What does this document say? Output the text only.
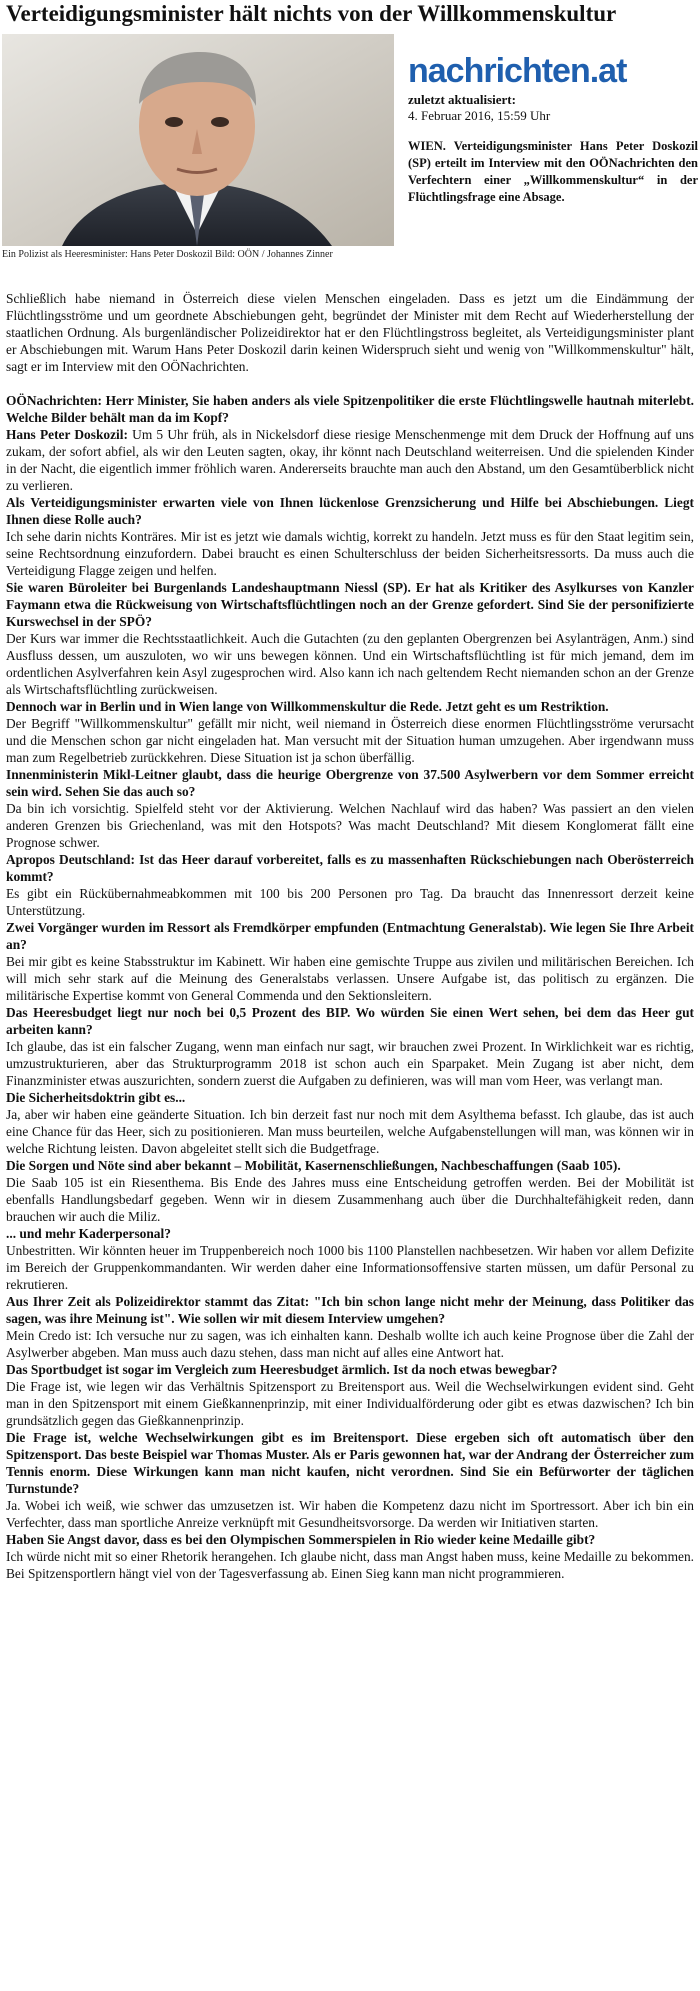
Verteidigungsminister hält nichts von der Willkommenskultur
Ein Polizist als Heeresminister: Hans Peter Doskozil Bild: OÖN / Johannes Zinner
nachrichten.at
zuletzt aktualisiert:
4. Februar 2016, 15:59 Uhr
WIEN. Verteidigungsminister Hans Peter Doskozil (SP) erteilt im Interview mit den OÖNachrichten den Verfechtern einer „Willkommenskultur“ in der Flüchtlingsfrage eine Absage.

Schließlich habe niemand in Österreich diese vielen Menschen eingeladen. Dass es jetzt um die Eindämmung der Flüchtlingsströme und um geordnete Abschiebungen geht, begründet der Minister mit dem Recht auf Wiederherstellung der staatlichen Ordnung. Als burgenländischer Polizeidirektor hat er den Flüchtlingstross begleitet, als Verteidigungsminister plant er Abschiebungen mit. Warum Hans Peter Doskozil darin keinen Widerspruch sieht und wenig von "Willkommenskultur" hält, sagt er im Interview mit den OÖNachrichten.

OÖNachrichten: Herr Minister, Sie haben anders als viele Spitzenpolitiker die erste Flüchtlingswelle hautnah miterlebt. Welche Bilder behält man da im Kopf?

Hans Peter Doskozil: Um 5 Uhr früh, als in Nickelsdorf diese riesige Menschenmenge mit dem Druck der Hoffnung auf uns zukam, der sofort abfiel, als wir den Leuten sagten, okay, ihr könnt nach Deutschland weiterreisen. Und die spielenden Kinder in der Nacht, die eigentlich immer fröhlich waren. Andererseits brauchte man auch den Abstand, um den Gesamtüberblick nicht zu verlieren.

Als Verteidigungsminister erwarten viele von Ihnen lückenlose Grenzsicherung und Hilfe bei Abschiebungen. Liegt Ihnen diese Rolle auch?

Ich sehe darin nichts Konträres. Mir ist es jetzt wie damals wichtig, korrekt zu handeln. Jetzt muss es für den Staat legitim sein, seine Rechtsordnung einzufordern. Dabei braucht es einen Schulterschluss der beiden Sicherheitsressorts. Da muss auch die Verteidigung Flagge zeigen und helfen.

Sie waren Büroleiter bei Burgenlands Landeshauptmann Niessl (SP). Er hat als Kritiker des Asylkurses von Kanzler Faymann etwa die Rückweisung von Wirtschaftsflüchtlingen noch an der Grenze gefordert. Sind Sie der personifizierte Kurswechsel in der SPÖ?

Der Kurs war immer die Rechtsstaatlichkeit. Auch die Gutachten (zu den geplanten Obergrenzen bei Asylanträgen, Anm.) sind Ausfluss dessen, um auszuloten, wo wir uns bewegen können. Und ein Wirtschaftsflüchtling ist für mich jemand, dem im ordentlichen Asylverfahren kein Asyl zugesprochen wird. Also kann ich nach geltendem Recht niemanden schon an der Grenze als Wirtschaftsflüchtling zurückweisen.

Dennoch war in Berlin und in Wien lange von Willkommenskultur die Rede. Jetzt geht es um Restriktion.

Der Begriff "Willkommenskultur" gefällt mir nicht, weil niemand in Österreich diese enormen Flüchtlingsströme verursacht und die Menschen schon gar nicht eingeladen hat. Man versucht mit der Situation human umzugehen. Aber irgendwann muss man zum Regelbetrieb zurückkehren. Diese Situation ist ja schon überfällig.

Innenministerin Mikl-Leitner glaubt, dass die heurige Obergrenze von 37.500 Asylwerbern vor dem Sommer erreicht sein wird. Sehen Sie das auch so?

Da bin ich vorsichtig. Spielfeld steht vor der Aktivierung. Welchen Nachlauf wird das haben? Was passiert an den vielen anderen Grenzen bis Griechenland, was mit den Hotspots? Was macht Deutschland? Mit diesem Konglomerat fällt eine Prognose schwer.

Apropos Deutschland: Ist das Heer darauf vorbereitet, falls es zu massenhaften Rückschiebungen nach Oberösterreich kommt?

Es gibt ein Rückübernahmeabkommen mit 100 bis 200 Personen pro Tag. Da braucht das Innenressort derzeit keine Unterstützung.

Zwei Vorgänger wurden im Ressort als Fremdkörper empfunden (Entmachtung Generalstab). Wie legen Sie Ihre Arbeit an?

Bei mir gibt es keine Stabsstruktur im Kabinett. Wir haben eine gemischte Truppe aus zivilen und militärischen Bereichen. Ich will mich sehr stark auf die Meinung des Generalstabs verlassen. Unsere Aufgabe ist, das politisch zu ergänzen. Die militärische Expertise kommt von General Commenda und den Sektionsleitern.

Das Heeresbudget liegt nur noch bei 0,5 Prozent des BIP. Wo würden Sie einen Wert sehen, bei dem das Heer gut arbeiten kann?

Ich glaube, das ist ein falscher Zugang, wenn man einfach nur sagt, wir brauchen zwei Prozent. In Wirklichkeit war es richtig, umzustrukturieren, aber das Strukturprogramm 2018 ist schon auch ein Sparpaket. Mein Zugang ist aber nicht, dem Finanzminister etwas auszurichten, sondern zuerst die Aufgaben zu definieren, was will man vom Heer, was verlangt man.

Die Sicherheitsdoktrin gibt es...

Ja, aber wir haben eine geänderte Situation. Ich bin derzeit fast nur noch mit dem Asylthema befasst. Ich glaube, das ist auch eine Chance für das Heer, sich zu positionieren. Man muss beurteilen, welche Aufgabenstellungen will man, was können wir in welche Richtung leisten. Davon abgeleitet stellt sich die Budgetfrage.

Die Sorgen und Nöte sind aber bekannt – Mobilität, Kasernenschließungen, Nachbeschaffungen (Saab 105).

Die Saab 105 ist ein Riesenthema. Bis Ende des Jahres muss eine Entscheidung getroffen werden. Bei der Mobilität ist ebenfalls Handlungsbedarf gegeben. Wenn wir in diesem Zusammenhang auch über die Durchhaltefähigkeit reden, dann brauchen wir auch die Miliz.

... und mehr Kaderpersonal?

Unbestritten. Wir könnten heuer im Truppenbereich noch 1000 bis 1100 Planstellen nachbesetzen. Wir haben vor allem Defizite im Bereich der Gruppenkommandanten. Wir werden daher eine Informationsoffensive starten müssen, um dafür Personal zu rekrutieren.

Aus Ihrer Zeit als Polizeidirektor stammt das Zitat: "Ich bin schon lange nicht mehr der Meinung, dass Politiker das sagen, was ihre Meinung ist". Wie sollen wir mit diesem Interview umgehen?

Mein Credo ist: Ich versuche nur zu sagen, was ich einhalten kann. Deshalb wollte ich auch keine Prognose über die Zahl der Asylwerber abgeben. Man muss auch dazu stehen, dass man nicht auf alles eine Antwort hat.

Das Sportbudget ist sogar im Vergleich zum Heeresbudget ärmlich. Ist da noch etwas bewegbar?

Die Frage ist, wie legen wir das Verhältnis Spitzensport zu Breitensport aus. Weil die Wechselwirkungen evident sind. Geht man in den Spitzensport mit einem Gießkannenprinzip, mit einer Individualförderung oder gibt es etwas dazwischen? Ich bin grundsätzlich gegen das Gießkannenprinzip.

Die Frage ist, welche Wechselwirkungen gibt es im Breitensport. Diese ergeben sich oft automatisch über den Spitzensport. Das beste Beispiel war Thomas Muster. Als er Paris gewonnen hat, war der Andrang der Österreicher zum Tennis enorm. Diese Wirkungen kann man nicht kaufen, nicht verordnen. Sind Sie ein Befürworter der täglichen Turnstunde?

Ja. Wobei ich weiß, wie schwer das umzusetzen ist. Wir haben die Kompetenz dazu nicht im Sportressort. Aber ich bin ein Verfechter, dass man sportliche Anreize verknüpft mit Gesundheitsvorsorge. Da werden wir Initiativen starten.

Haben Sie Angst davor, dass es bei den Olympischen Sommerspielen in Rio wieder keine Medaille gibt?

Ich würde nicht mit so einer Rhetorik herangehen. Ich glaube nicht, dass man Angst haben muss, keine Medaille zu bekommen. Bei Spitzensportlern hängt viel von der Tagesverfassung ab. Einen Sieg kann man nicht programmieren.
